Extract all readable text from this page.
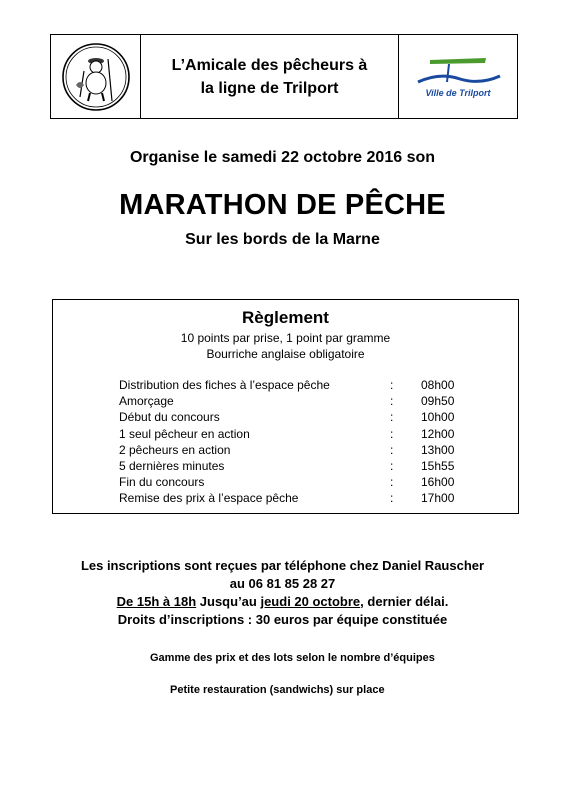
L’Amicale des pêcheurs à
la ligne de Trilport	Ville de Trilport
Organise le samedi 22 octobre 2016 son
MARATHON DE PÊCHE
Sur les bords de la Marne
Règlement
10 points par prise, 1 point par gramme
Bourriche anglaise obligatoire
Distribution des fiches à l’espace pêche	: 08h00
Amorçage	: 09h50
Début du concours	: 10h00
1 seul pêcheur en action	: 12h00
2 pêcheurs en action	: 13h00
5 dernières minutes	: 15h55
Fin du concours	: 16h00
Remise des prix à l’espace pêche	: 17h00
Les inscriptions sont reçues par téléphone chez Daniel Rauscher
au 06 81 85 28 27
De 15h à 18h Jusqu’au jeudi 20 octobre, dernier délai.
Droits d’inscriptions : 30 euros par équipe constituée
Gamme des prix et des lots selon le nombre d’équipes
Petite restauration (sandwichs) sur place
